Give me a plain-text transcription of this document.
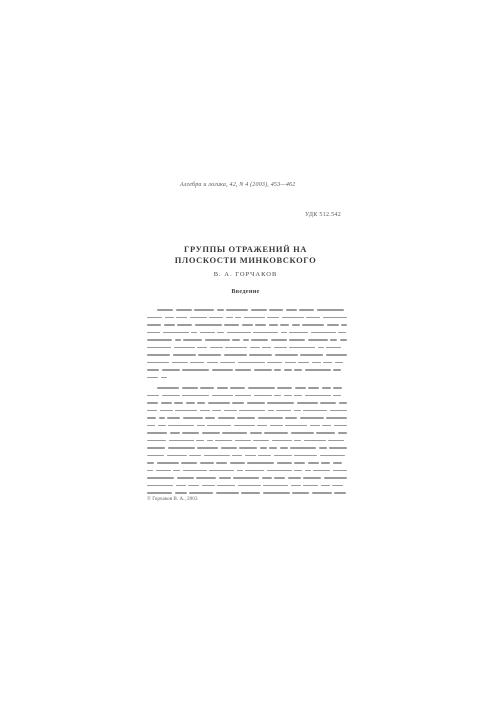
Алгебра и логика, 42, N 4 (2003), 453—462
УДК 512.542
ГРУППЫ ОТРАЖЕНИЙ НА
ПЛОСКОСТИ МИНКОВСКОГО
В. А. ГОРЧАКОВ
Введение
© Горчаков В. А., 2003
